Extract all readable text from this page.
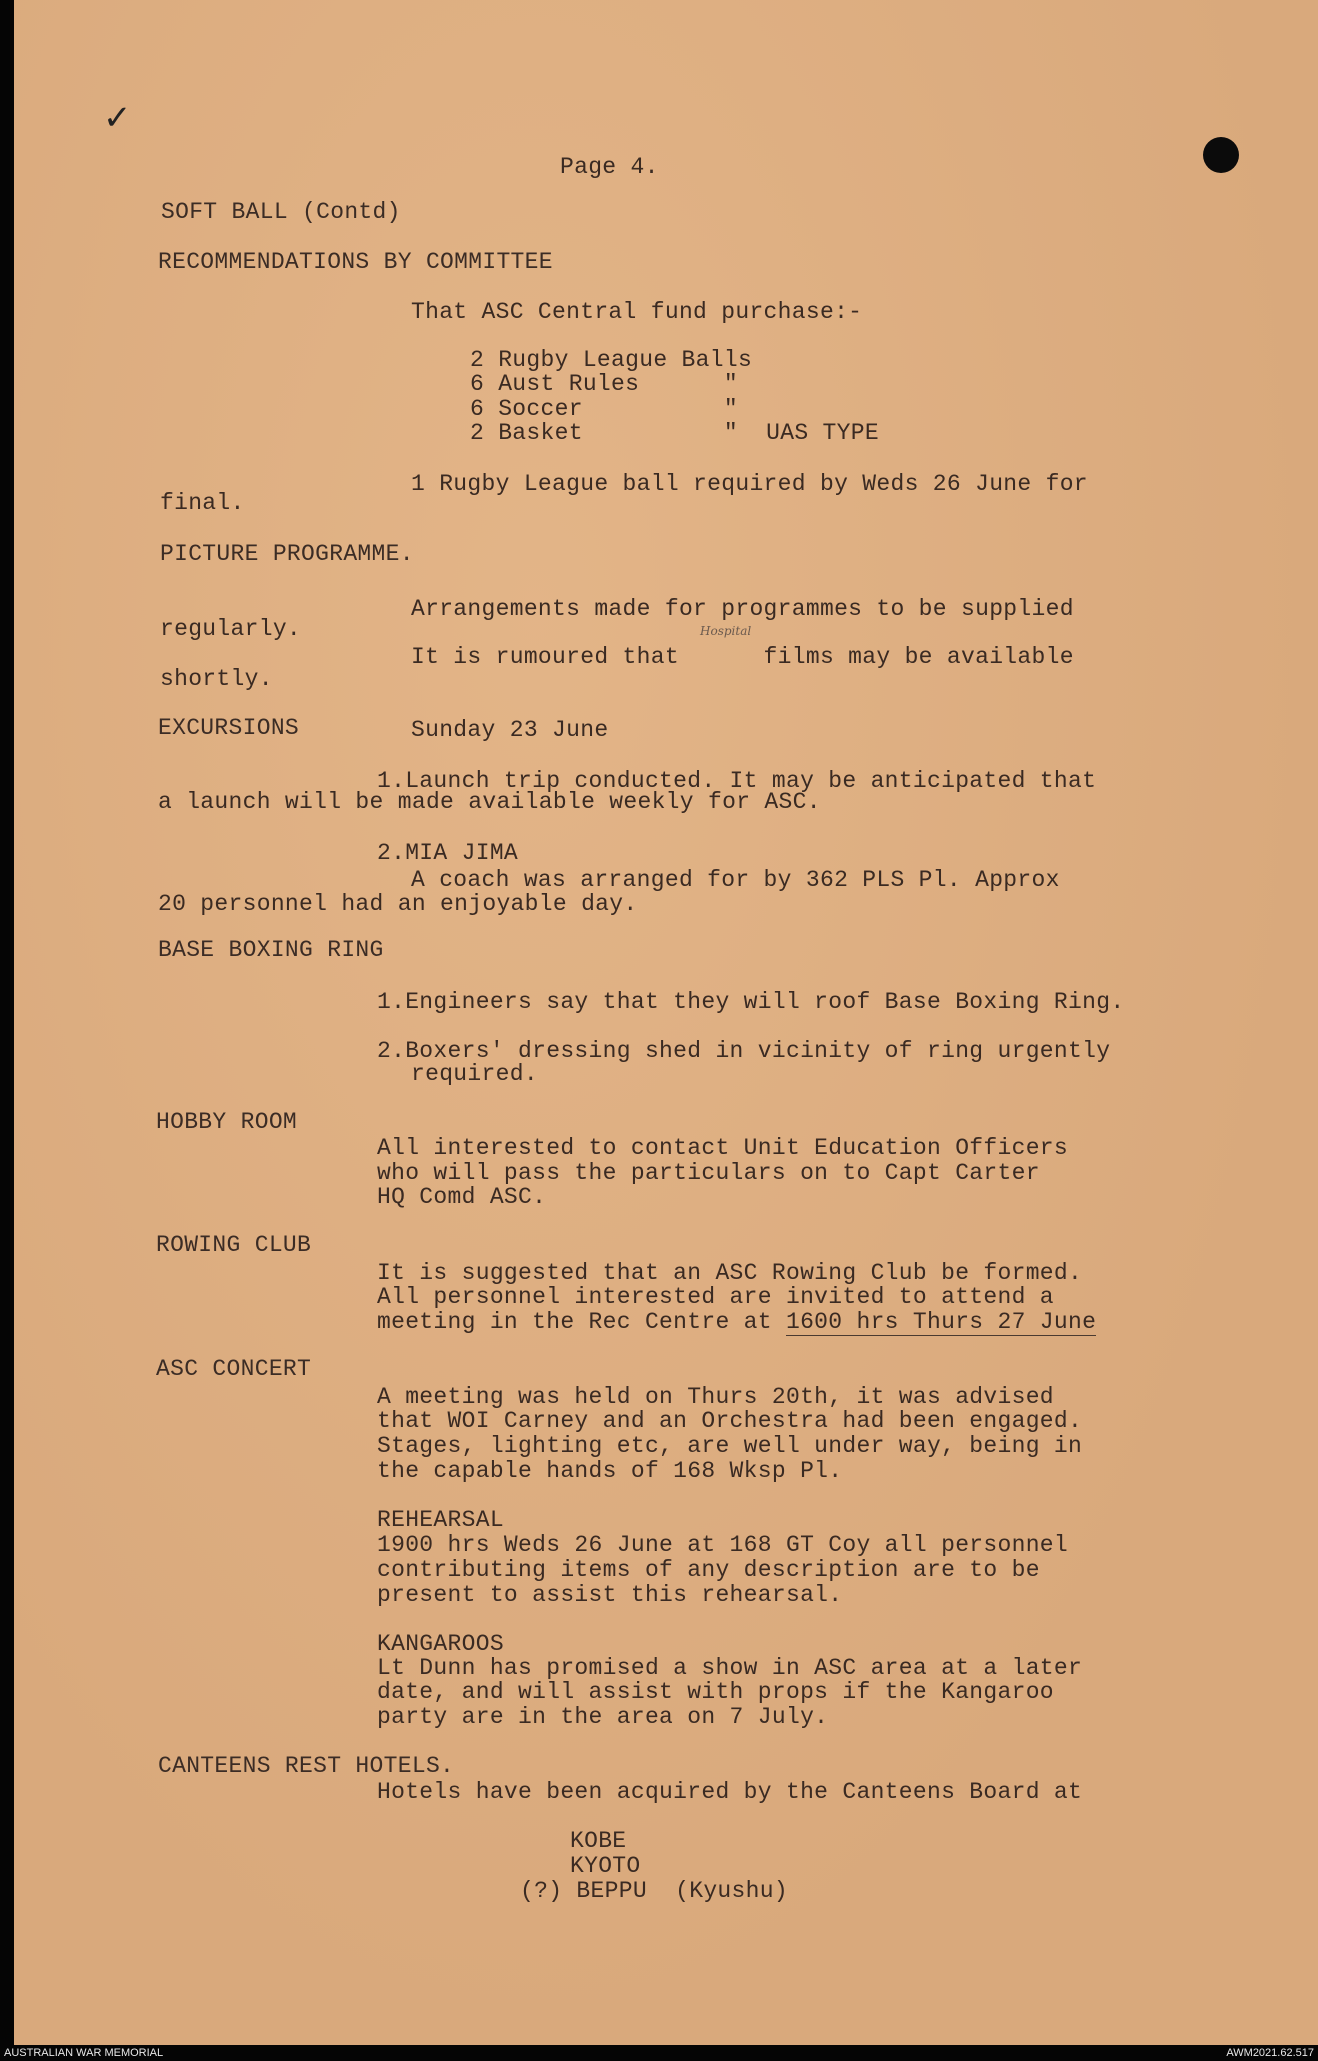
✓
Page 4.
SOFT BALL (Contd)
RECOMMENDATIONS BY COMMITTEE
That ASC Central fund purchase:-
2 Rugby League Balls
6 Aust Rules      "
6 Soccer          "
2 Basket          "  UAS TYPE
1 Rugby League ball required by Weds 26 June for
final.
PICTURE PROGRAMME.
Arrangements made for programmes to be supplied
regularly.	Hospital
It is rumoured that      films may be available
shortly.
EXCURSIONS	Sunday 23 June
1.Launch trip conducted. It may be anticipated that
a launch will be made available weekly for ASC.
2.MIA JIMA
A coach was arranged for by 362 PLS Pl. Approx
20 personnel had an enjoyable day.
BASE BOXING RING
1.Engineers say that they will roof Base Boxing Ring.
2.Boxers' dressing shed in vicinity of ring urgently
required.
HOBBY ROOM
All interested to contact Unit Education Officers
who will pass the particulars on to Capt Carter
HQ Comd ASC.
ROWING CLUB
It is suggested that an ASC Rowing Club be formed.
All personnel interested are invited to attend a
meeting in the Rec Centre at 1600 hrs Thurs 27 June
ASC CONCERT
A meeting was held on Thurs 20th, it was advised
that WOI Carney and an Orchestra had been engaged.
Stages, lighting etc, are well under way, being in
the capable hands of 168 Wksp Pl.
REHEARSAL
1900 hrs Weds 26 June at 168 GT Coy all personnel
contributing items of any description are to be
present to assist this rehearsal.
KANGAROOS
Lt Dunn has promised a show in ASC area at a later
date, and will assist with props if the Kangaroo
party are in the area on 7 July.
CANTEENS REST HOTELS.
Hotels have been acquired by the Canteens Board at
KOBE
KYOTO
(?) BEPPU  (Kyushu)
AUSTRALIAN WAR MEMORIAL	AWM2021.62.517
